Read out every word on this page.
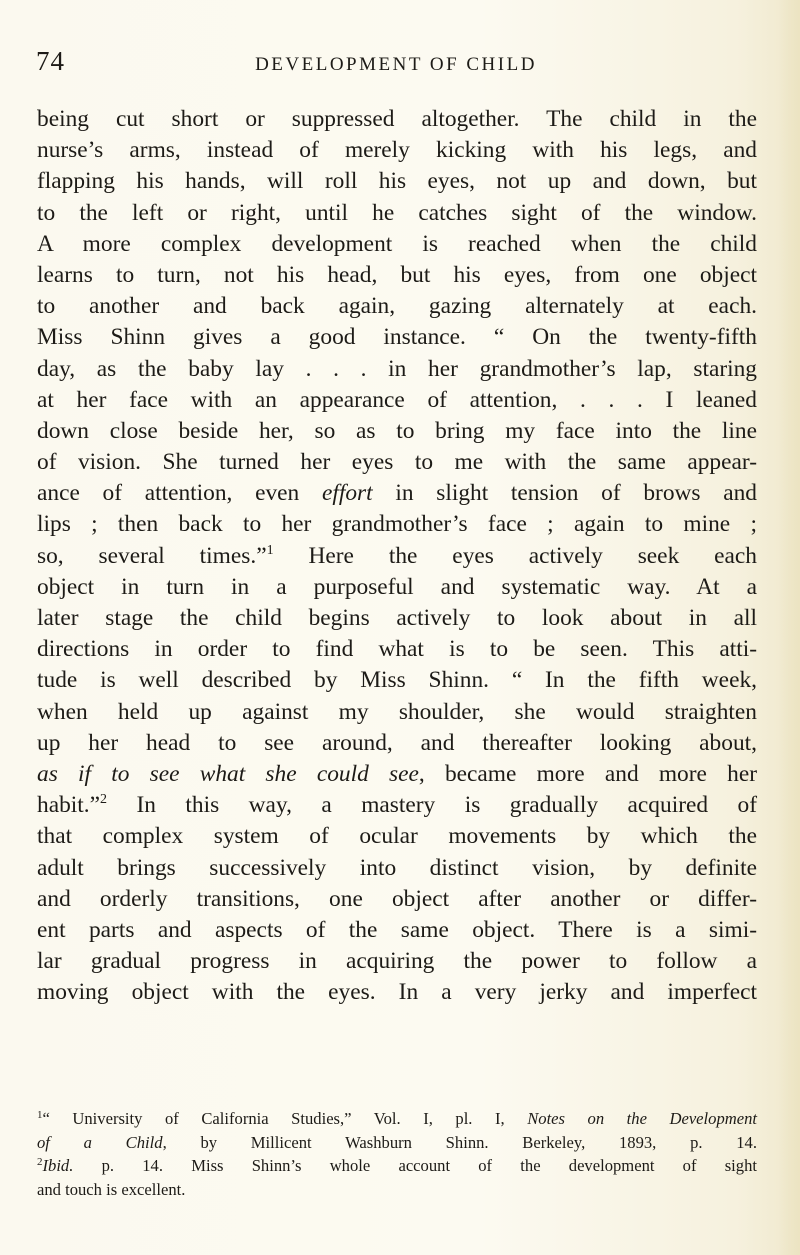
74	DEVELOPMENT OF CHILD
being cut short or suppressed altogether. The child in the
nurse’s arms, instead of merely kicking with his legs, and
flapping his hands, will roll his eyes, not up and down, but
to the left or right, until he catches sight of the window.
A more complex development is reached when the child
learns to turn, not his head, but his eyes, from one object
to another and back again, gazing alternately at each.
Miss Shinn gives a good instance. “ On the twenty-fifth
day, as the baby lay . . . in her grandmother’s lap, staring
at her face with an appearance of attention, . . . I leaned
down close beside her, so as to bring my face into the line
of vision. She turned her eyes to me with the same appear-
ance of attention, even effort in slight tension of brows and
lips ; then back to her grandmother’s face ; again to mine ;
so, several times.”$^1$ Here the eyes actively seek each
object in turn in a purposeful and systematic way. At a
later stage the child begins actively to look about in all
directions in order to find what is to be seen. This atti-
tude is well described by Miss Shinn. “ In the fifth week,
when held up against my shoulder, she would straighten
up her head to see around, and thereafter looking about,
as if to see what she could see, became more and more her
habit.”$^2$ In this way, a mastery is gradually acquired of
that complex system of ocular movements by which the
adult brings successively into distinct vision, by definite
and orderly transitions, one object after another or differ-
ent parts and aspects of the same object. There is a simi-
lar gradual progress in acquiring the power to follow a
moving object with the eyes. In a very jerky and imperfect
$^1$“ University of California Studies,” Vol. I, pl. I, Notes on the Development
of a Child, by Millicent Washburn Shinn. Berkeley, 1893, p. 14.
$^2$Ibid. p. 14. Miss Shinn’s whole account of the development of sight
and touch is excellent.
